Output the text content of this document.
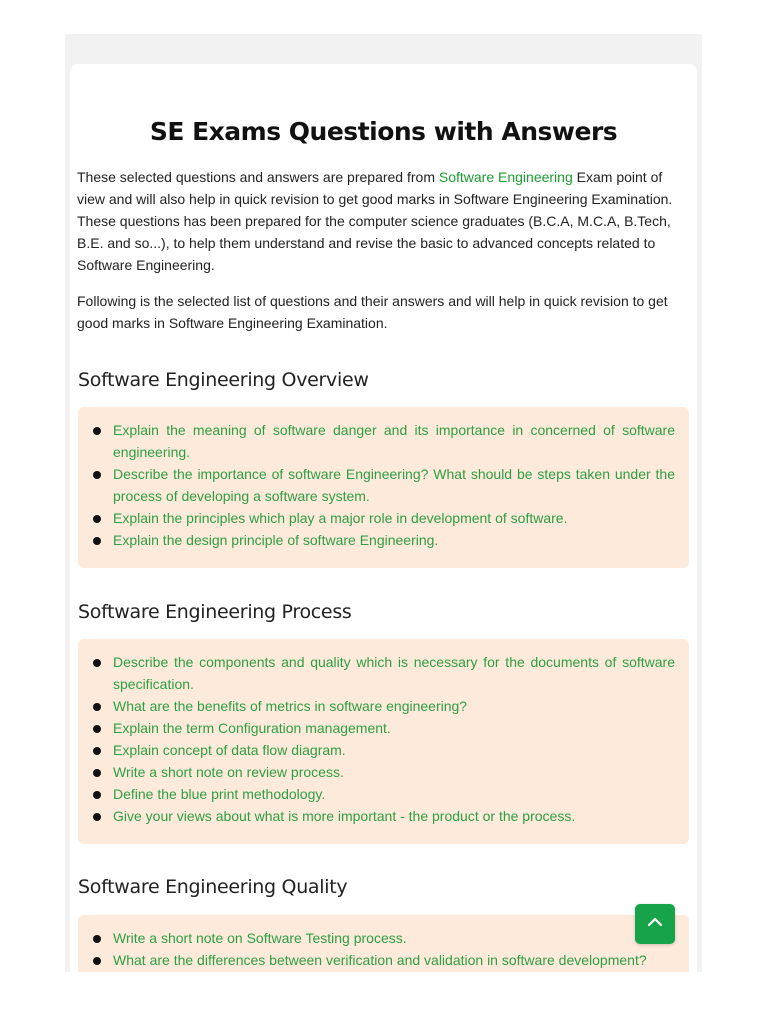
SE Exams Questions with Answers

These selected questions and answers are prepared from Software Engineering Exam point of view and will also help in quick revision to get good marks in Software Engineering Examination. These questions has been prepared for the computer science graduates (B.C.A, M.C.A, B.Tech, B.E. and so...), to help them understand and revise the basic to advanced concepts related to Software Engineering.

Following is the selected list of questions and their answers and will help in quick revision to get good marks in Software Engineering Examination.

Software Engineering Overview
Explain the meaning of software danger and its importance in concerned of software engineering.
Describe the importance of software Engineering? What should be steps taken under the process of developing a software system.
Explain the principles which play a major role in development of software.
Explain the design principle of software Engineering.
Software Engineering Process
Describe the components and quality which is necessary for the documents of software specification.
What are the benefits of metrics in software engineering?
Explain the term Configuration management.
Explain concept of data flow diagram.
Write a short note on review process.
Define the blue print methodology.
Give your views about what is more important - the product or the process.
Software Engineering Quality
Write a short note on Software Testing process.
What are the differences between verification and validation in software development?
